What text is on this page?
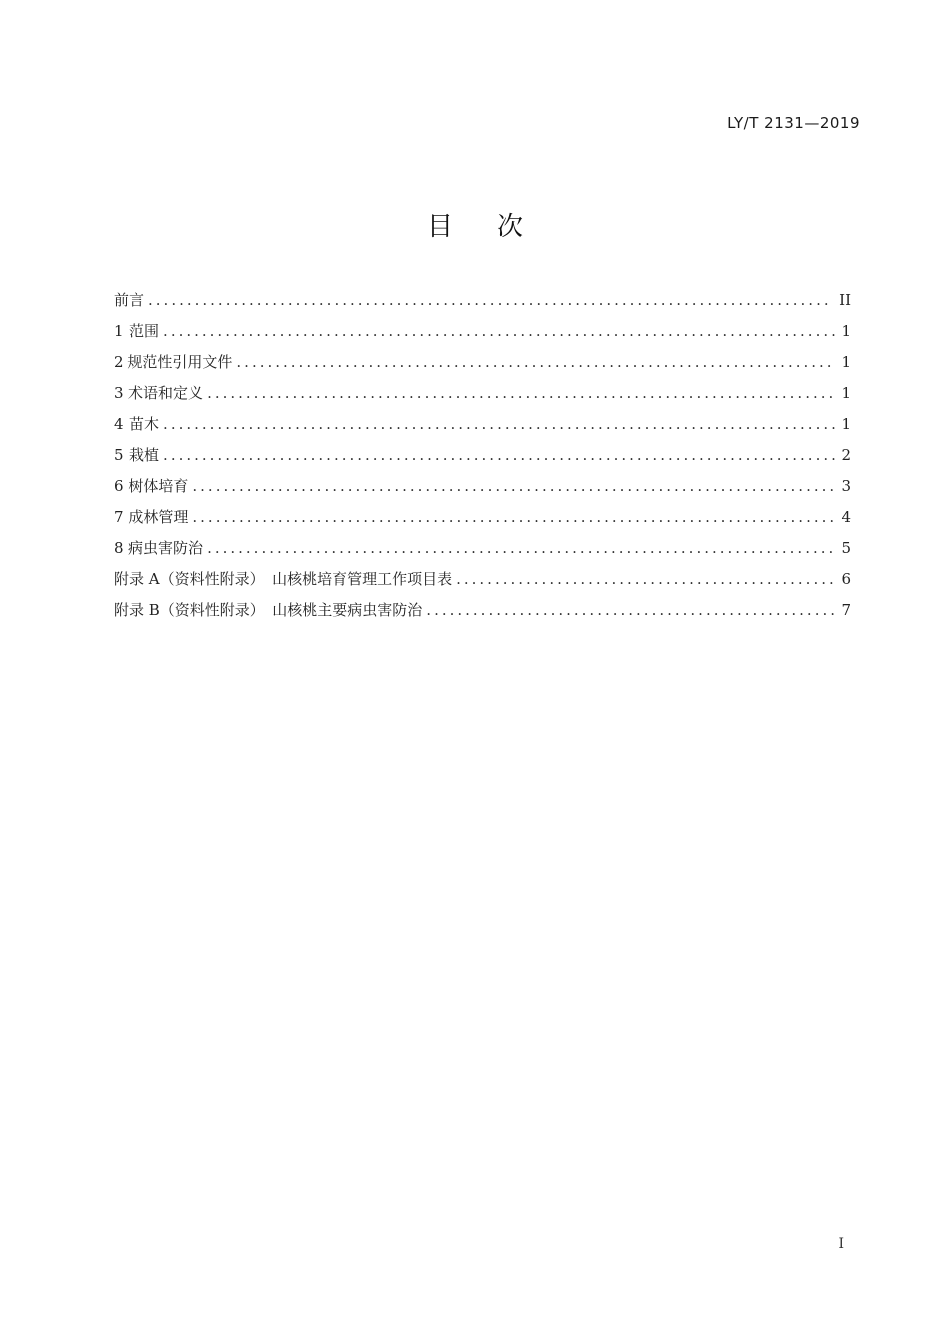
LY/T 2131—2019
目 次
前言 .....	II
1 范围 .....	1
2 规范性引用文件 .....	1
3 术语和定义 .....	1
4 苗木 .....	1
5 栽植 .....	2
6 树体培育 .....	3
7 成林管理 .....	4
8 病虫害防治 .....	5
附录 A（资料性附录）　山核桃培育管理工作项目表 .....	6
附录 B（资料性附录）　山核桃主要病虫害防治 .....	7
I
